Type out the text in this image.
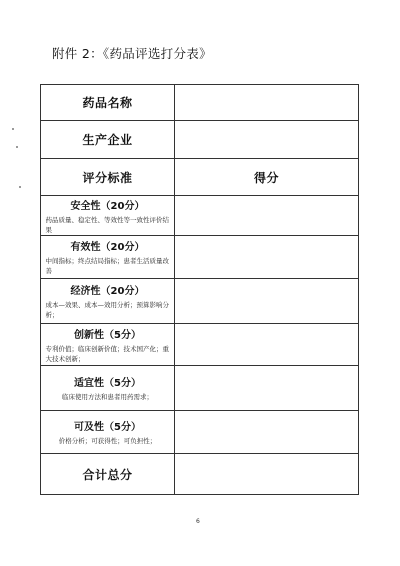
附件 2：《药品评选打分表》
药品名称
生产企业
评分标准	得分
安全性（20分）
药品质量、稳定性、等效性等一致性评价结果
有效性（20分）
中间指标；终点结局指标；患者生活质量改善
经济性（20分）
成本—效果、成本—效用分析；预算影响分析；
创新性（5分）
专利价值；临床创新价值；技术国产化；重大技术创新；
适宜性（5分）
临床使用方法和患者用药需求；
可及性（5分）
价格分析；可获得性；可负担性；
合计总分
6
